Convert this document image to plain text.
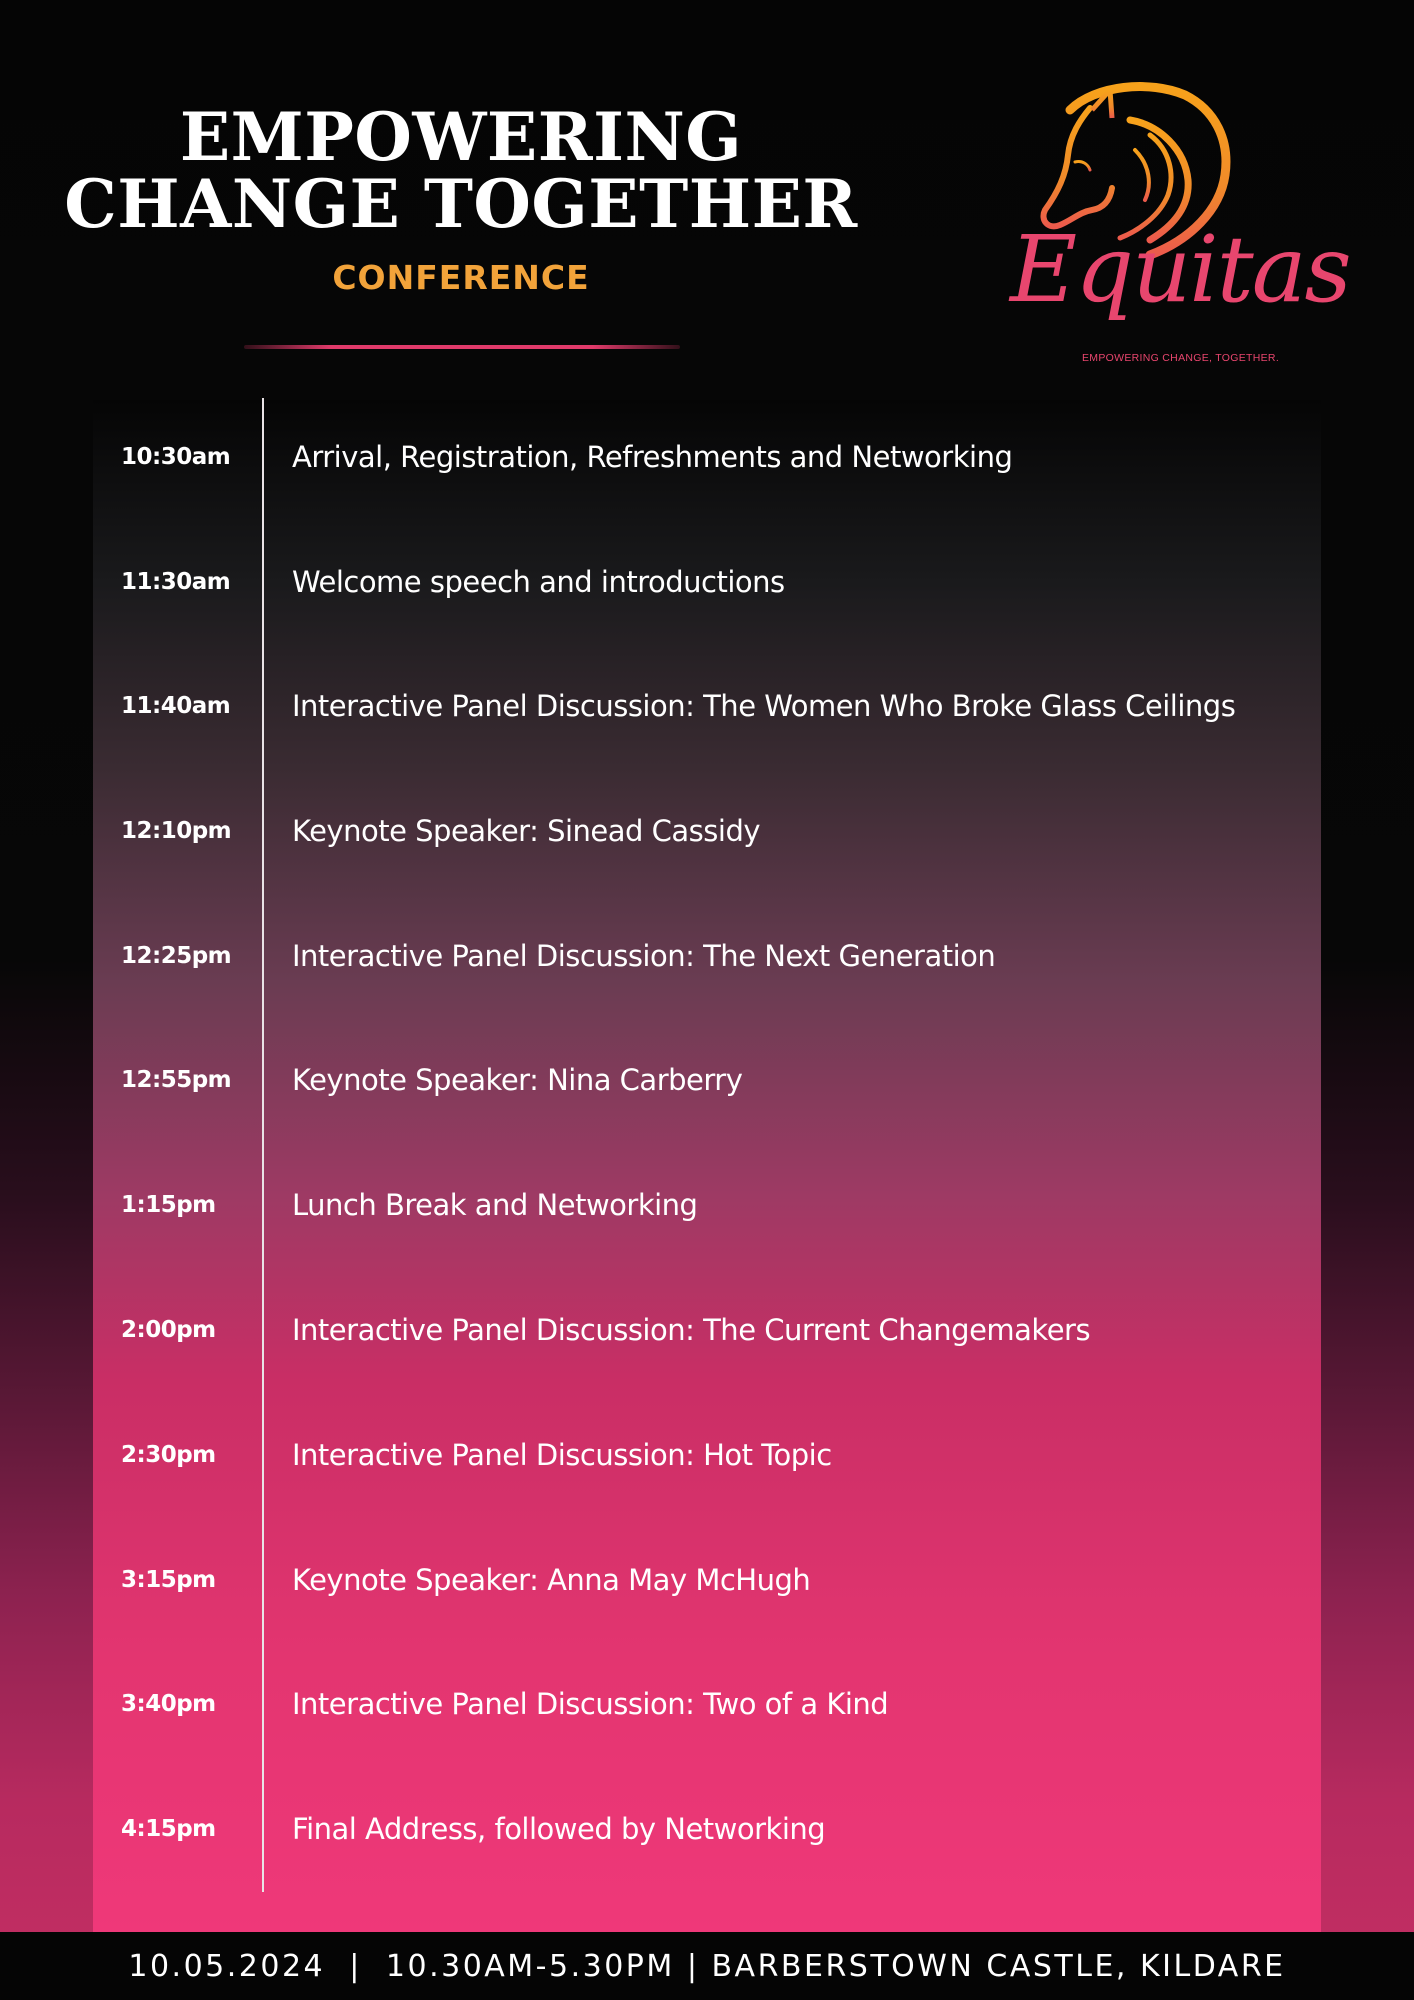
EMPOWERING
CHANGE TOGETHER
CONFERENCE	Equitas
EMPOWERING CHANGE, TOGETHER.
10:30am Arrival, Registration, Refreshments and Networking
11:30am Welcome speech and introductions
11:40am Interactive Panel Discussion: The Women Who Broke Glass Ceilings
12:10pm Keynote Speaker: Sinead Cassidy
12:25pm Interactive Panel Discussion: The Next Generation
12:55pm Keynote Speaker: Nina Carberry
1:15pm	Lunch Break and Networking
2:00pm	Interactive Panel Discussion: The Current Changemakers
2:30pm	Interactive Panel Discussion: Hot Topic
3:15pm	Keynote Speaker: Anna May McHugh
3:40pm	Interactive Panel Discussion: Two of a Kind
4:15pm	Final Address, followed by Networking
10.05.2024  |  10.30AM-5.30PM | BARBERSTOWN CASTLE, KILDARE
